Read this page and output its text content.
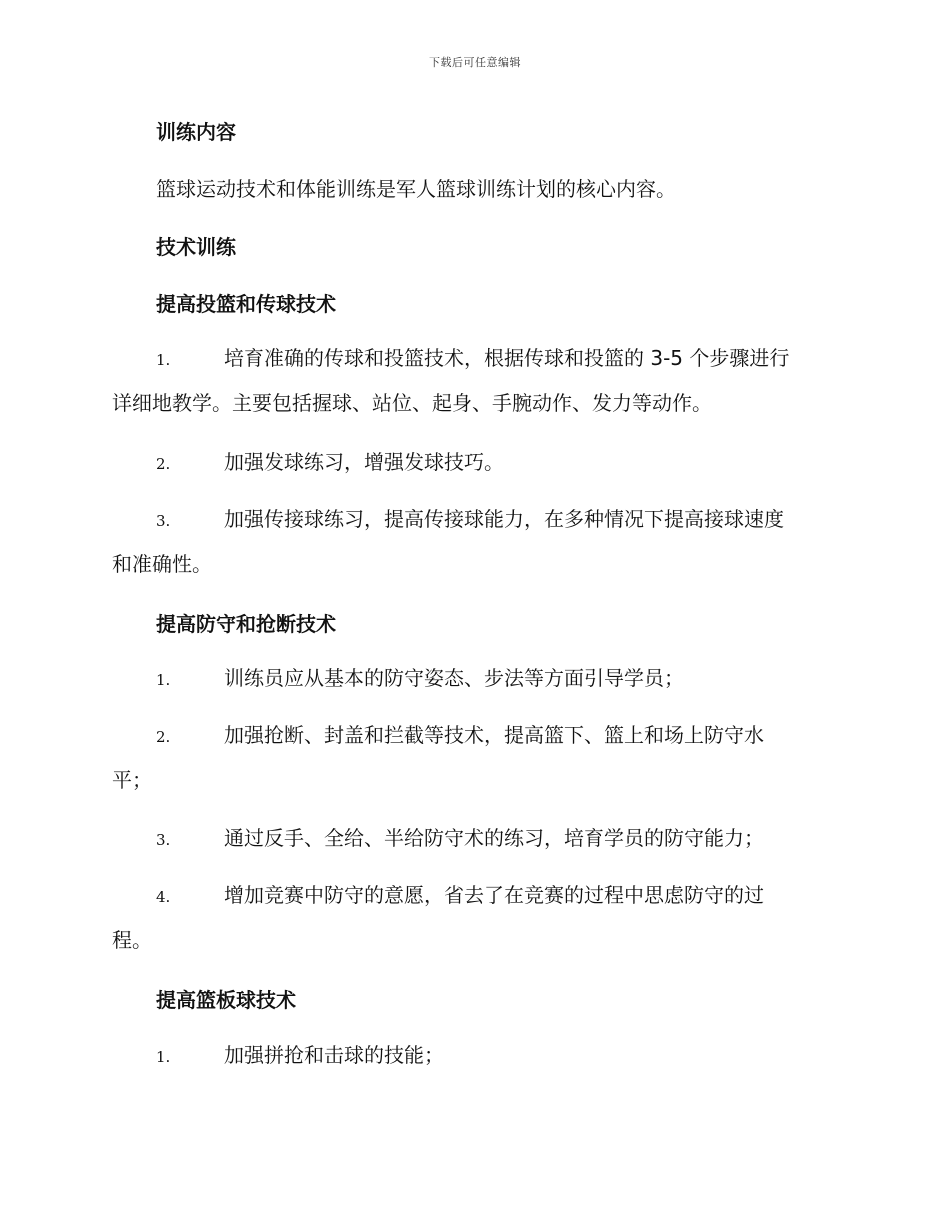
下载后可任意编辑
训练内容
篮球运动技术和体能训练是军人篮球训练计划的核心内容。
技术训练
提高投篮和传球技术
1.	培育准确的传球和投篮技术，根据传球和投篮的 3-5 个步骤进行
详细地教学。主要包括握球、站位、起身、手腕动作、发力等动作。
2.	加强发球练习，增强发球技巧。
3.	加强传接球练习，提高传接球能力，在多种情况下提高接球速度
和准确性。
提高防守和抢断技术
1.	训练员应从基本的防守姿态、步法等方面引导学员；
2.	加强抢断、封盖和拦截等技术，提高篮下、篮上和场上防守水
平；
3.	通过反手、全给、半给防守术的练习，培育学员的防守能力；
4.	增加竞赛中防守的意愿，省去了在竞赛的过程中思虑防守的过
程。
提高篮板球技术
1.	加强拼抢和击球的技能；
